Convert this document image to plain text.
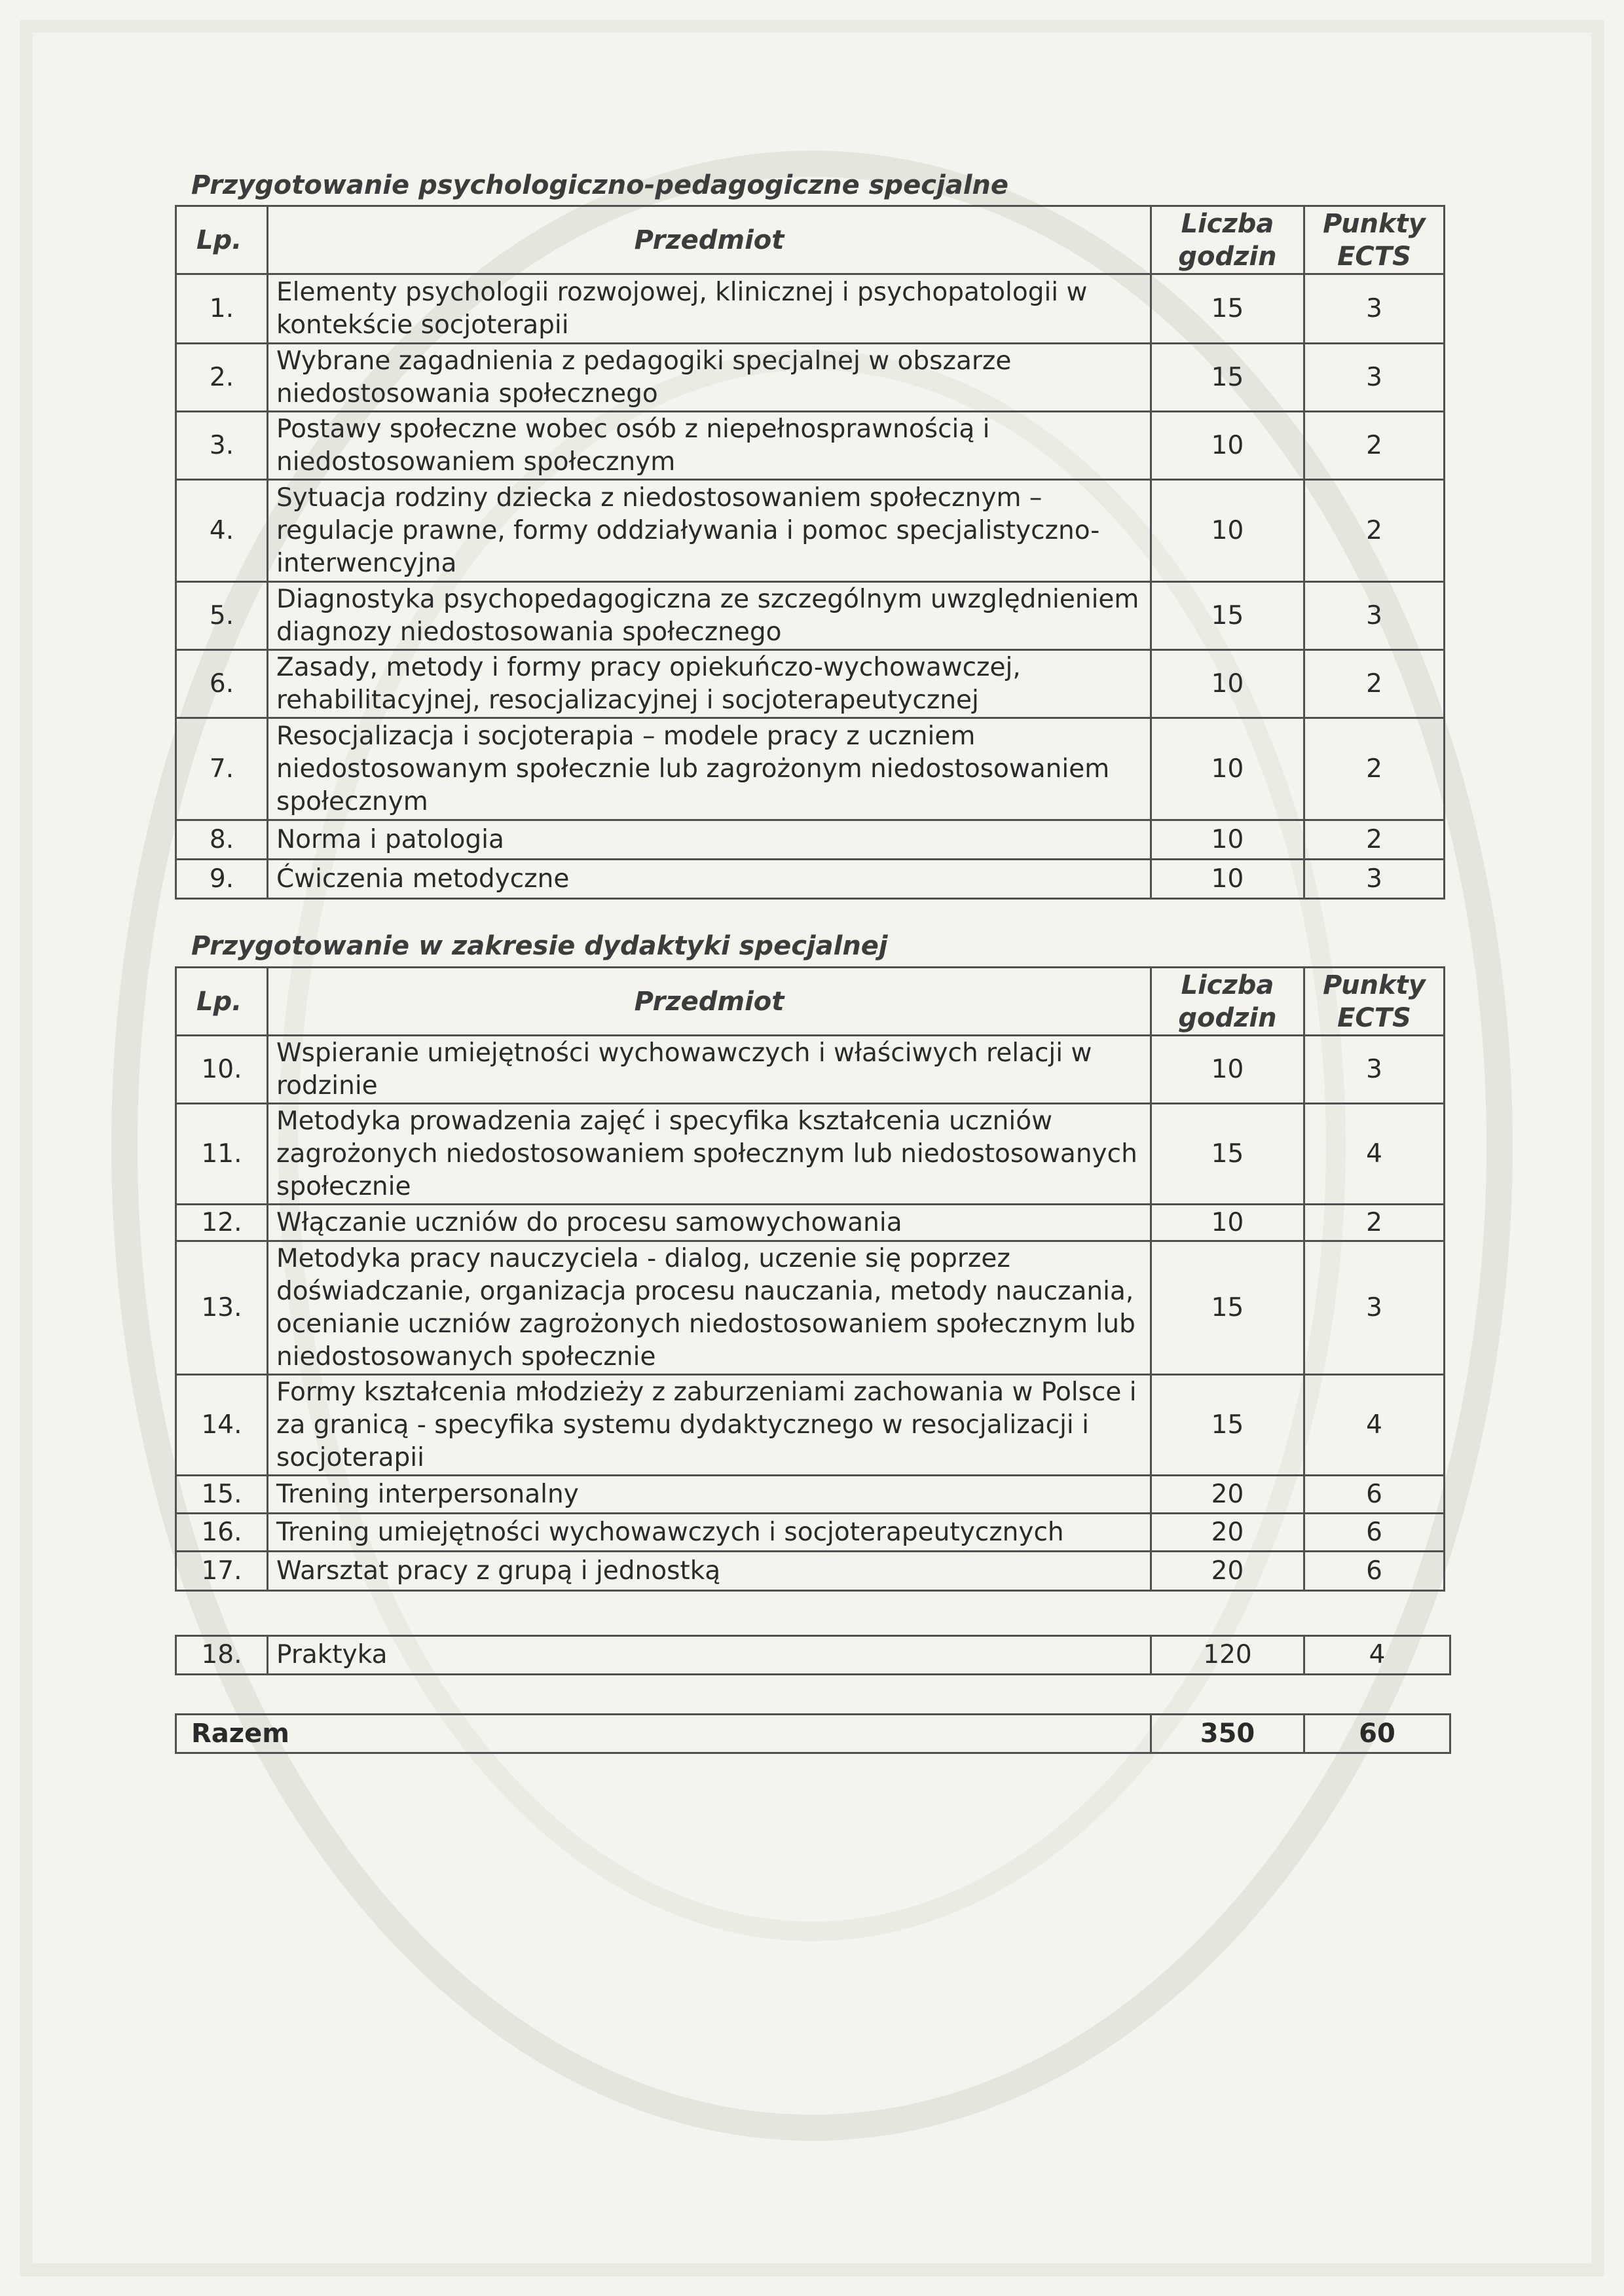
Przygotowanie psychologiczno-pedagogiczne specjalne
Lp.	Przedmiot	Liczba godzin	Punkty ECTS
1.	Elementy psychologii rozwojowej, klinicznej i psychopatologii w kontekście socjoterapii	15	3
2.	Wybrane zagadnienia z pedagogiki specjalnej w obszarze niedostosowania społecznego	15	3
3.	Postawy społeczne wobec osób z niepełnosprawnością i niedostosowaniem społecznym	10	2
4.	Sytuacja rodziny dziecka z niedostosowaniem społecznym – regulacje prawne, formy oddziaływania i pomoc specjalistyczno-interwencyjna	10	2
5.	Diagnostyka psychopedagogiczna ze szczególnym uwzględnieniem diagnozy niedostosowania społecznego	15	3
6.	Zasady, metody i formy pracy opiekuńczo-wychowawczej, rehabilitacyjnej, resocjalizacyjnej i socjoterapeutycznej	10	2
7.	Resocjalizacja i socjoterapia – modele pracy z uczniem niedostosowanym społecznie lub zagrożonym niedostosowaniem społecznym	10	2
8.	Norma i patologia	10	2
9.	Ćwiczenia metodyczne	10	3
Przygotowanie w zakresie dydaktyki specjalnej
Lp.	Przedmiot	Liczba godzin	Punkty ECTS
10.	Wspieranie umiejętności wychowawczych i właściwych relacji w rodzinie	10	3
11.	Metodyka prowadzenia zajęć i specyfika kształcenia uczniów zagrożonych niedostosowaniem społecznym lub niedostosowanych społecznie	15	4
12.	Włączanie uczniów do procesu samowychowania	10	2
13.	Metodyka pracy nauczyciela - dialog, uczenie się poprzez doświadczanie, organizacja procesu nauczania, metody nauczania, ocenianie uczniów zagrożonych niedostosowaniem społecznym lub niedostosowanych społecznie	15	3
14.	Formy kształcenia młodzieży z zaburzeniami zachowania w Polsce i za granicą - specyfika systemu dydaktycznego w resocjalizacji i socjoterapii	15	4
15.	Trening interpersonalny	20	6
16.	Trening umiejętności wychowawczych i socjoterapeutycznych	20	6
17.	Warsztat pracy z grupą i jednostką	20	6
18.	Praktyka	120	4
Razem	350	60
